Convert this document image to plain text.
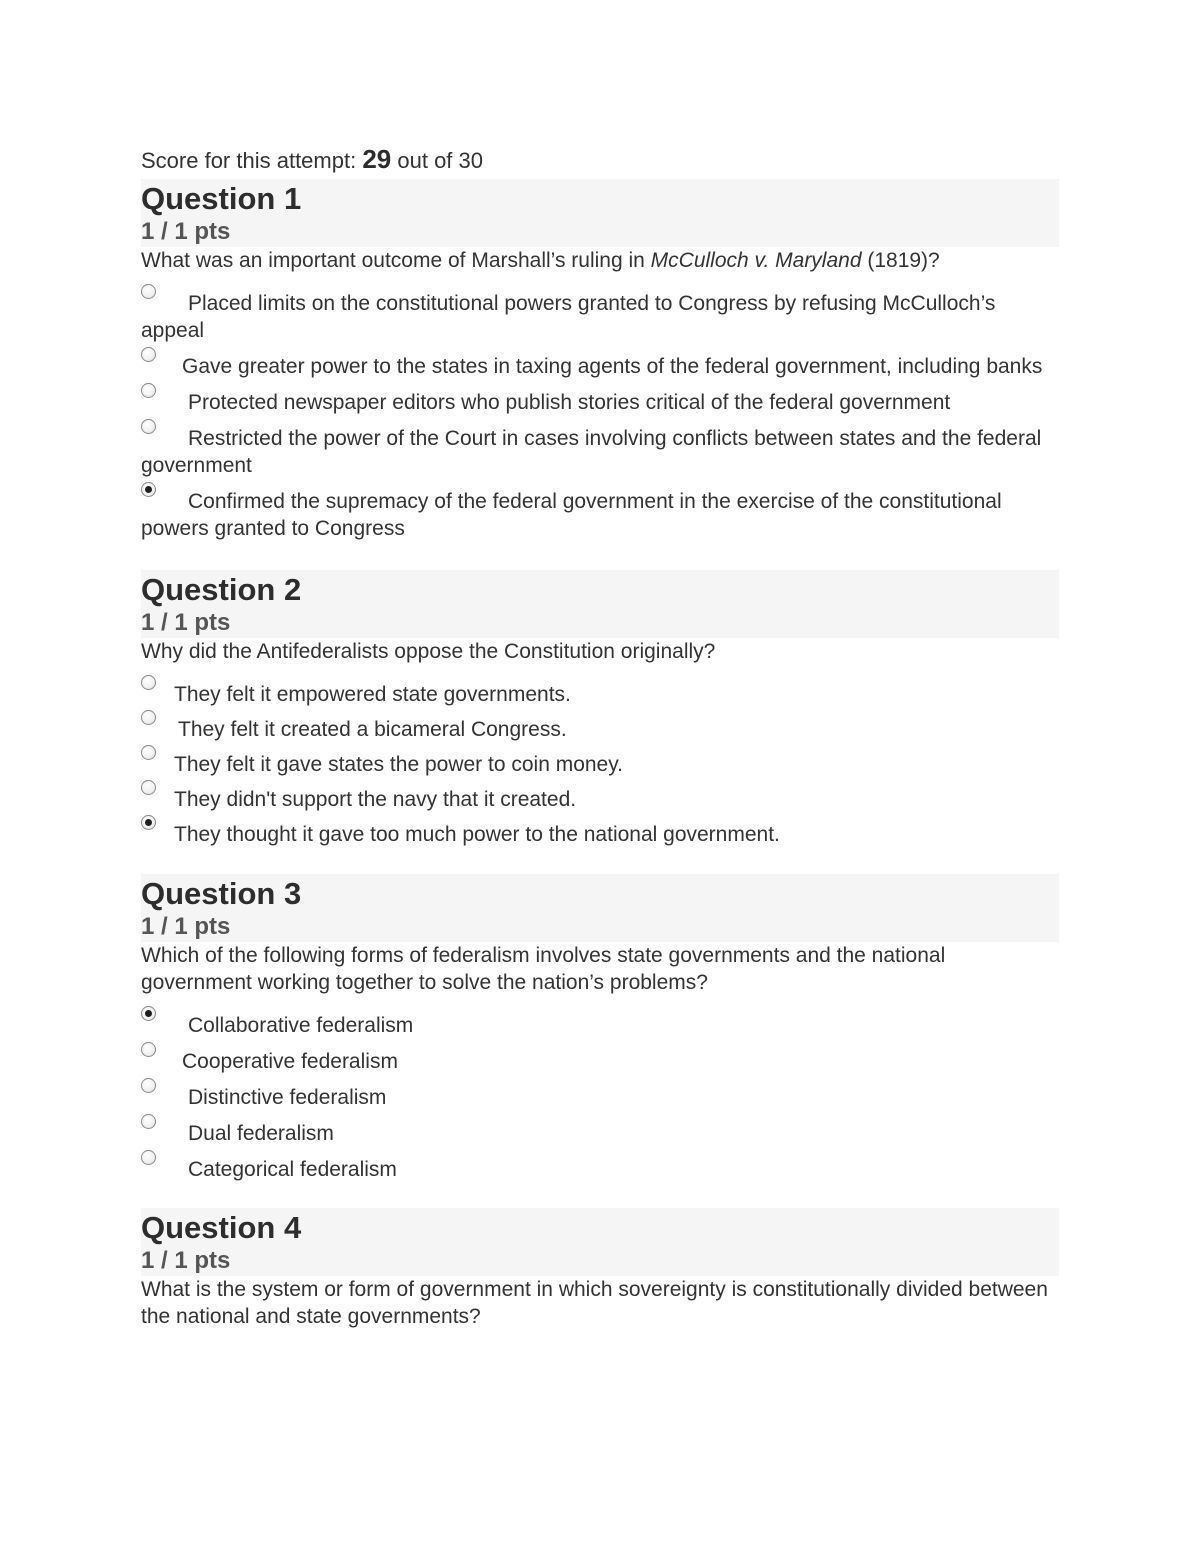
Score for this attempt: 29 out of 30

Question 1
1 / 1 pts

What was an important outcome of Marshall’s ruling in McCulloch v. Maryland (1819)?

Placed limits on the constitutional powers granted to Congress by refusing McCulloch’s appeal
Gave greater power to the states in taxing agents of the federal government, including banks
Protected newspaper editors who publish stories critical of the federal government
Restricted the power of the Court in cases involving conflicts between states and the federal government
Confirmed the supremacy of the federal government in the exercise of the constitutional powers granted to Congress
Question 2
1 / 1 pts

Why did the Antifederalists oppose the Constitution originally?

They felt it empowered state governments.
They felt it created a bicameral Congress.
They felt it gave states the power to coin money.
They didn't support the navy that it created.
They thought it gave too much power to the national government.
Question 3
1 / 1 pts

Which of the following forms of federalism involves state governments and the national government working together to solve the nation’s problems?

Collaborative federalism
Cooperative federalism
Distinctive federalism
Dual federalism
Categorical federalism
Question 4
1 / 1 pts

What is the system or form of government in which sovereignty is constitutionally divided between the national and state governments?
